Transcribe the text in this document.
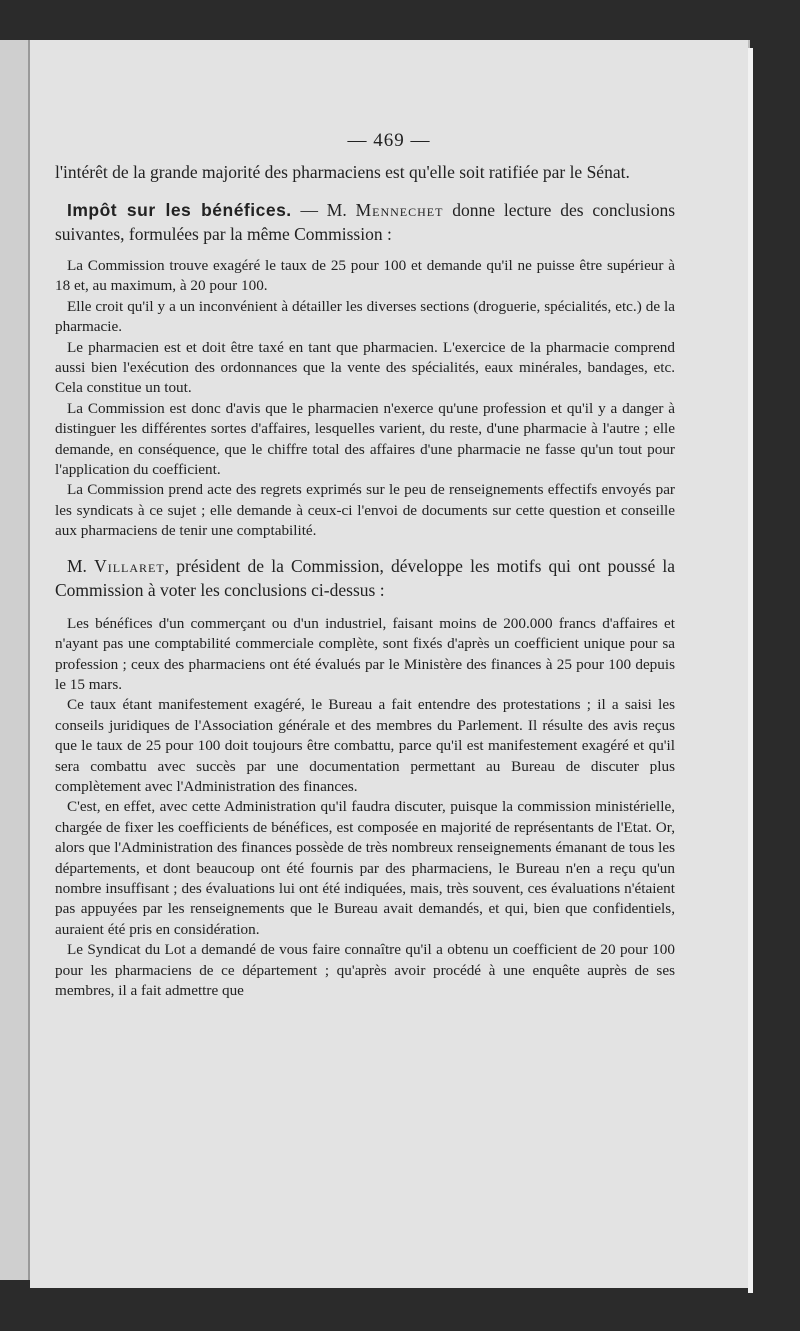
— 469 —

l'intérêt de la grande majorité des pharmaciens est qu'elle soit ratifiée par le Sénat.

Impôt sur les bénéfices. — M. Mennechet donne lecture des conclusions suivantes, formulées par la même Commission :

La Commission trouve exagéré le taux de 25 pour 100 et demande qu'il ne puisse être supérieur à 18 et, au maximum, à 20 pour 100.

Elle croit qu'il y a un inconvénient à détailler les diverses sections (droguerie, spécialités, etc.) de la pharmacie.

Le pharmacien est et doit être taxé en tant que pharmacien. L'exercice de la pharmacie comprend aussi bien l'exécution des ordonnances que la vente des spécialités, eaux minérales, bandages, etc. Cela constitue un tout.

La Commission est donc d'avis que le pharmacien n'exerce qu'une profession et qu'il y a danger à distinguer les différentes sortes d'affaires, lesquelles varient, du reste, d'une pharmacie à l'autre ; elle demande, en conséquence, que le chiffre total des affaires d'une pharmacie ne fasse qu'un tout pour l'application du coefficient.

La Commission prend acte des regrets exprimés sur le peu de renseignements effectifs envoyés par les syndicats à ce sujet ; elle demande à ceux-ci l'envoi de documents sur cette question et conseille aux pharmaciens de tenir une comptabilité.

M. Villaret, président de la Commission, développe les motifs qui ont poussé la Commission à voter les conclusions ci-dessus :

Les bénéfices d'un commerçant ou d'un industriel, faisant moins de 200.000 francs d'affaires et n'ayant pas une comptabilité commerciale complète, sont fixés d'après un coefficient unique pour sa profession ; ceux des pharmaciens ont été évalués par le Ministère des finances à 25 pour 100 depuis le 15 mars.

Ce taux étant manifestement exagéré, le Bureau a fait entendre des protestations ; il a saisi les conseils juridiques de l'Association générale et des membres du Parlement. Il résulte des avis reçus que le taux de 25 pour 100 doit toujours être combattu, parce qu'il est manifestement exagéré et qu'il sera combattu avec succès par une documentation permettant au Bureau de discuter plus complètement avec l'Administration des finances.

C'est, en effet, avec cette Administration qu'il faudra discuter, puisque la commission ministérielle, chargée de fixer les coefficients de bénéfices, est composée en majorité de représentants de l'Etat. Or, alors que l'Administration des finances possède de très nombreux renseignements émanant de tous les départements, et dont beaucoup ont été fournis par des pharmaciens, le Bureau n'en a reçu qu'un nombre insuffisant ; des évaluations lui ont été indiquées, mais, très souvent, ces évaluations n'étaient pas appuyées par les renseignements que le Bureau avait demandés, et qui, bien que confidentiels, auraient été pris en considération.

Le Syndicat du Lot a demandé de vous faire connaître qu'il a obtenu un coefficient de 20 pour 100 pour les pharmaciens de ce département ; qu'après avoir procédé à une enquête auprès de ses membres, il a fait admettre que
